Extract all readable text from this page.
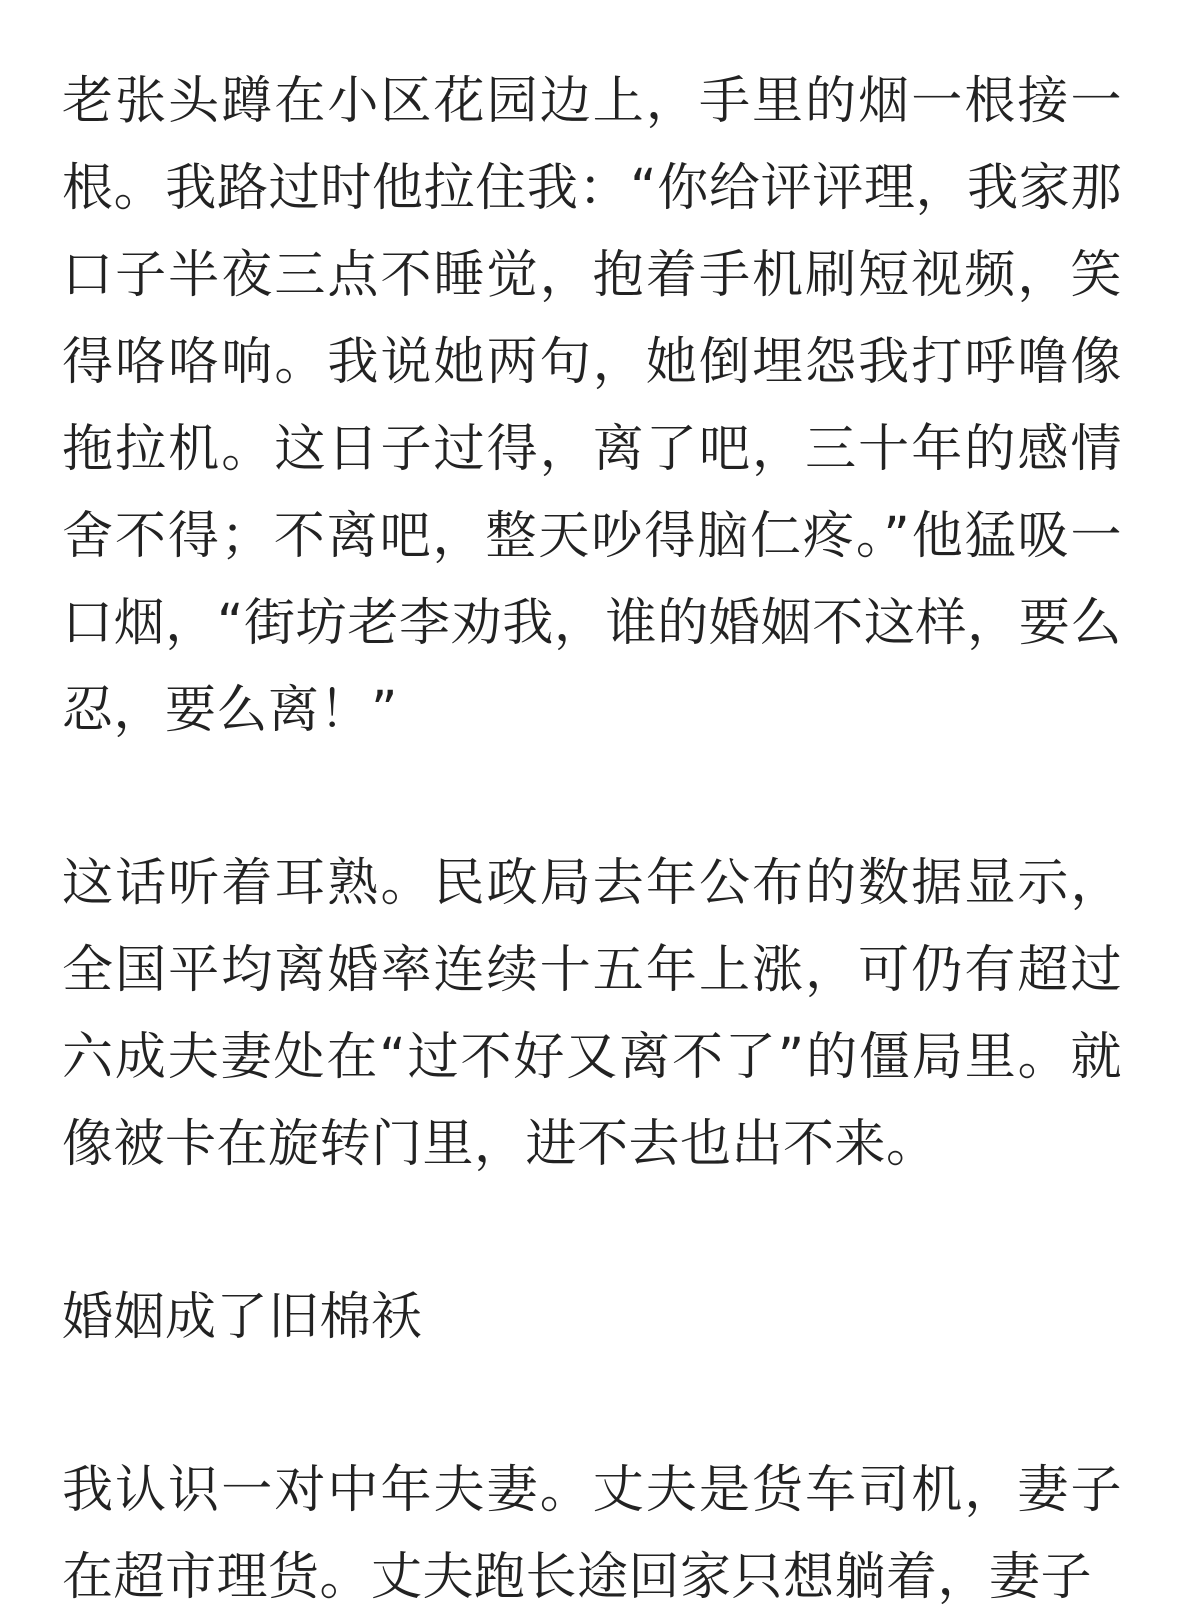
老张头蹲在小区花园边上，手里的烟一根接一根。我路过时他拉住我：“你给评评理，我家那口子半夜三点不睡觉，抱着手机刷短视频，笑得咯咯响。我说她两句，她倒埋怨我打呼噜像拖拉机。这日子过得，离了吧，三十年的感情舍不得；不离吧，整天吵得脑仁疼。”他猛吸一口烟，“街坊老李劝我，谁的婚姻不这样，要么忍，要么离！”

这话听着耳熟。民政局去年公布的数据显示，全国平均离婚率连续十五年上涨，可仍有超过六成夫妻处在“过不好又离不了”的僵局里。就像被卡在旋转门里，进不去也出不来。

婚姻成了旧棉袄

我认识一对中年夫妻。丈夫是货车司机，妻子在超市理货。丈夫跑长途回家只想躺着，妻子
